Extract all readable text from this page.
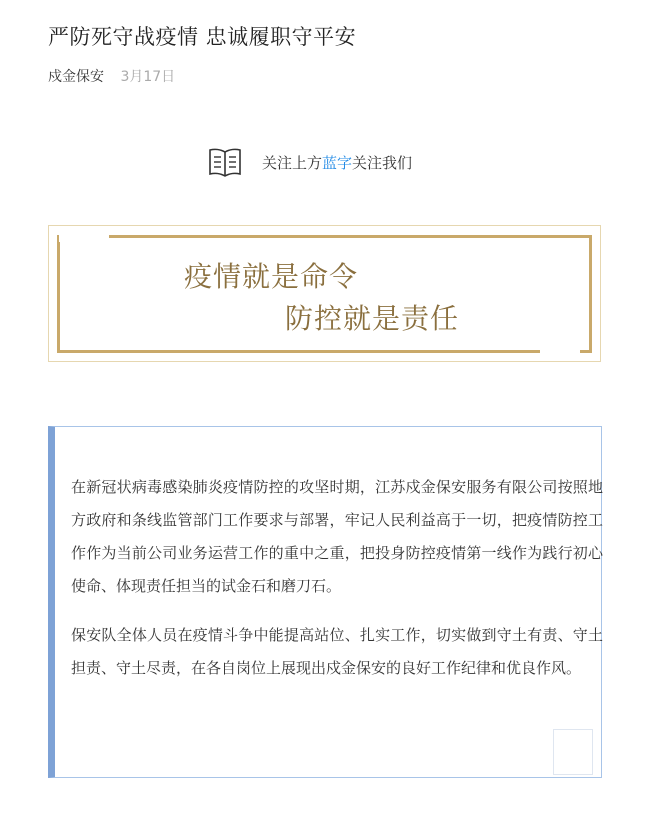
严防死守战疫情 忠诚履职守平安
戍金保安 3月17日
关注上方蓝字关注我们
疫情就是命令
防控就是责任

在新冠状病毒感染肺炎疫情防控的攻坚时期，江苏戍金保安服务有限公司按照地方政府和条线监管部门工作要求与部署，牢记人民利益高于一切，把疫情防控工作作为当前公司业务运营工作的重中之重，把投身防控疫情第一线作为践行初心使命、体现责任担当的试金石和磨刀石。

保安队全体人员在疫情斗争中能提高站位、扎实工作，切实做到守土有责、守土担责、守土尽责，在各自岗位上展现出戍金保安的良好工作纪律和优良作风。
